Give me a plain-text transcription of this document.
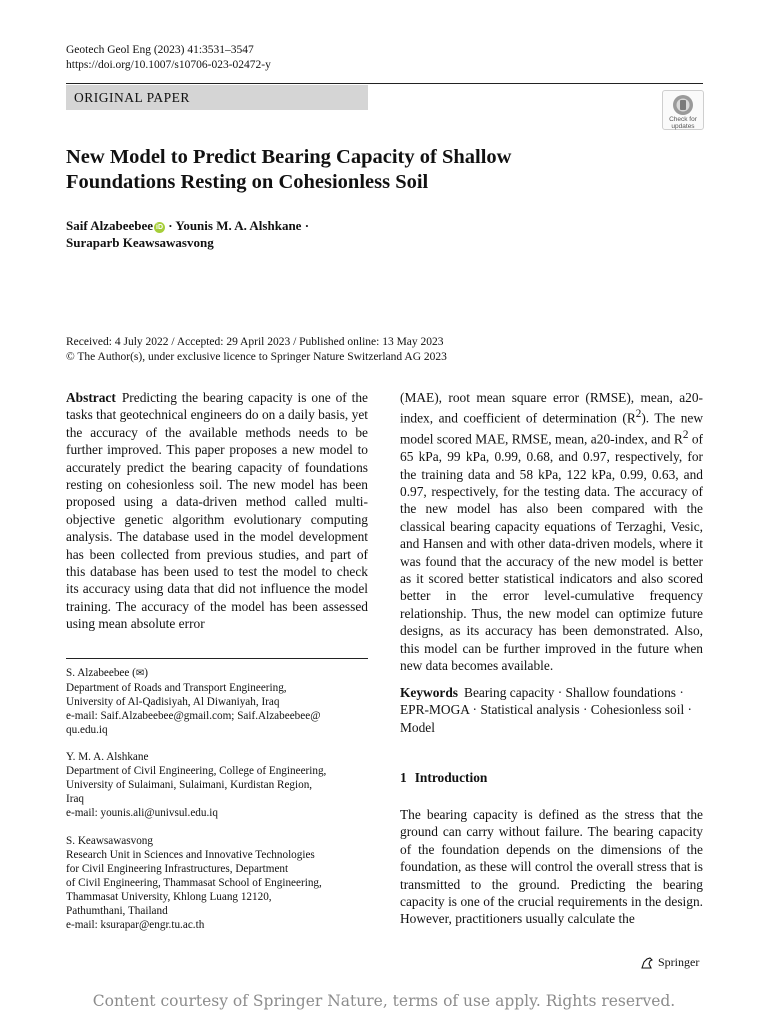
Geotech Geol Eng (2023) 41:3531–3547
https://doi.org/10.1007/s10706-023-02472-y
ORIGINAL PAPER
Check for
updates
New Model to Predict Bearing Capacity of Shallow
Foundations Resting on Cohesionless Soil
Saif Alzabeebee iD · Younis M. A. Alshkane ·
Suraparb Keawsawasvong
Received: 4 July 2022 / Accepted: 29 April 2023 / Published online: 13 May 2023
© The Author(s), under exclusive licence to Springer Nature Switzerland AG 2023
Abstract Predicting the bearing capacity is one of the tasks that geotechnical engineers do on a daily basis, yet the accuracy of the available methods needs to be further improved. This paper proposes a new model to accurately predict the bearing capacity of foundations resting on cohesionless soil. The new model has been proposed using a data-driven method called multi-objective genetic algorithm evolutionary computing analysis. The database used in the model development has been collected from previous studies, and part of this database has been used to test the model to check its accuracy using data that did not influence the model training. The accuracy of the model has been assessed using mean absolute error
(MAE), root mean square error (RMSE), mean, a20-index, and coefficient of determination $(R^2)$. The new model scored MAE, RMSE, mean, a20-index, and $R^2$ of 65 kPa, 99 kPa, 0.99, 0.68, and 0.97, respectively, for the training data and 58 kPa, 122 kPa, 0.99, 0.63, and 0.97, respectively, for the testing data. The accuracy of the new model has also been compared with the classical bearing capacity equations of Terzaghi, Vesic, and Hansen and with other data-driven models, where it was found that the accuracy of the new model is better as it scored better statistical indicators and also scored better in the error level-cumulative frequency relationship. Thus, the new model can optimize future designs, as its accuracy has been demonstrated. Also, this model can be further improved in the future when new data becomes available.
Keywords Bearing capacity · Shallow foundations · EPR-MOGA · Statistical analysis · Cohesionless soil · Model
1 Introduction
The bearing capacity is defined as the stress that the ground can carry without failure. The bearing capacity of the foundation depends on the dimensions of the foundation, as these will control the overall stress that is transmitted to the ground. Predicting the bearing capacity is one of the crucial requirements in the design. However, practitioners usually calculate the
S. Alzabeebee (✉)
Department of Roads and Transport Engineering,
University of Al-Qadisiyah, Al Diwaniyah, Iraq
e-mail: Saif.Alzabeebee@gmail.com; Saif.Alzabeebee@
qu.edu.iq
Y. M. A. Alshkane
Department of Civil Engineering, College of Engineering,
University of Sulaimani, Sulaimani, Kurdistan Region,
Iraq
e-mail: younis.ali@univsul.edu.iq
S. Keawsawasvong
Research Unit in Sciences and Innovative Technologies
for Civil Engineering Infrastructures, Department
of Civil Engineering, Thammasat School of Engineering,
Thammasat University, Khlong Luang 12120,
Pathumthani, Thailand
e-mail: ksurapar@engr.tu.ac.th
Springer
Content courtesy of Springer Nature, terms of use apply. Rights reserved.
